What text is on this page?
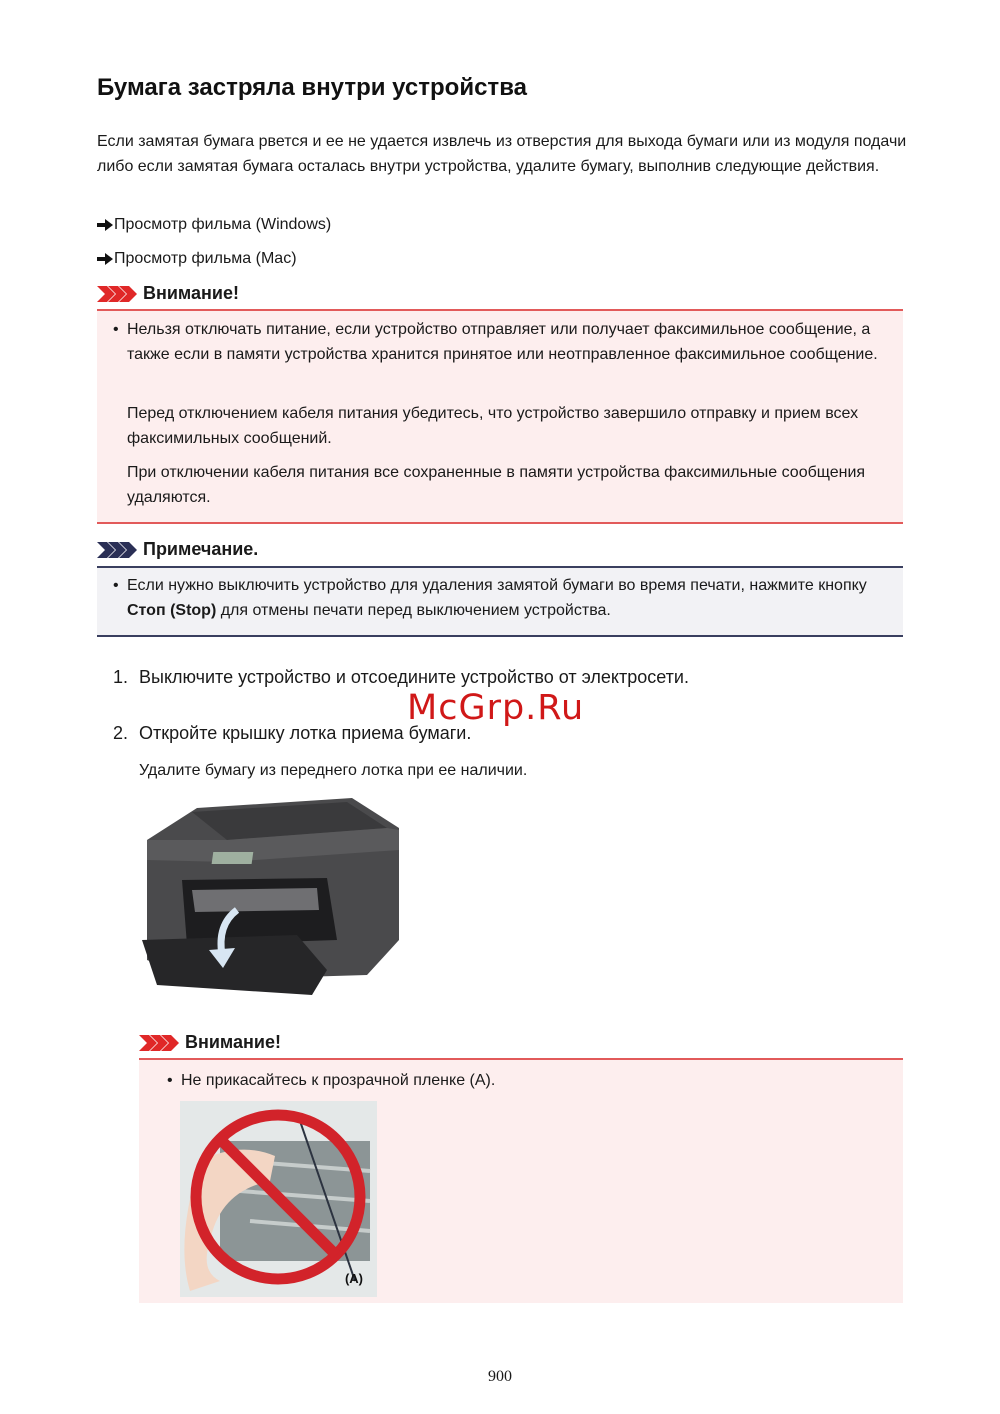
Бумага застряла внутри устройства

Если замятая бумага рвется и ее не удается извлечь из отверстия для выхода бумаги или из модуля подачи либо если замятая бумага осталась внутри устройства, удалите бумагу, выполнив следующие действия.

Просмотр фильма (Windows)
Просмотр фильма (Mac)
Внимание!
• Нельзя отключать питание, если устройство отправляет или получает факсимильное сообщение, а также если в памяти устройства хранится принятое или неотправленное факсимильное сообщение.

Перед отключением кабеля питания убедитесь, что устройство завершило отправку и прием всех факсимильных сообщений.

При отключении кабеля питания все сохраненные в памяти устройства факсимильные сообщения удаляются.

Примечание.
• Если нужно выключить устройство для удаления замятой бумаги во время печати, нажмите кнопку Стоп (Stop) для отмены печати перед выключением устройства.
1. Выключите устройство и отсоедините устройство от электросети.
2. Откройте крышку лотка приема бумаги.
Удалите бумагу из переднего лотка при ее наличии.
McGrp.Ru
Внимание!
• Не прикасайтесь к прозрачной пленке (A).
(A)
900
